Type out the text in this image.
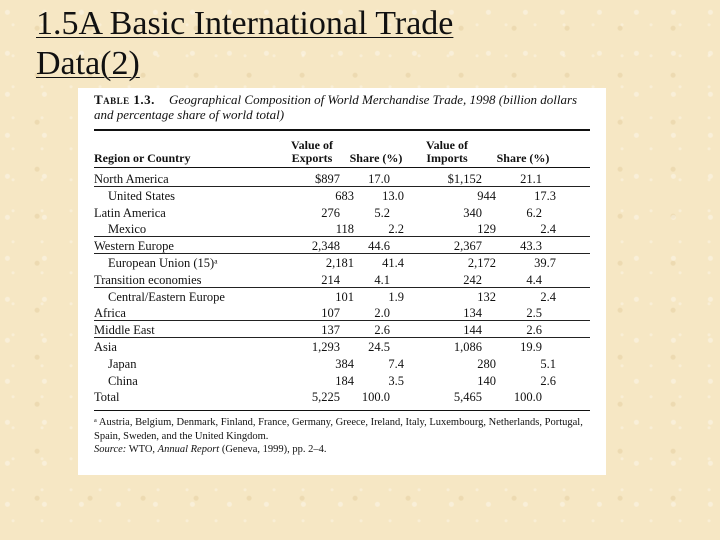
1.5A Basic International Trade
Data(2)
Table 1.3. Geographical Composition of World Merchandise Trade, 1998 (billion dollars and percentage share of world total)
Region or Country
Value of Exports	Share (%)
Value of Imports	Share (%)
North America	$897	17.0	$1,152	21.1
United States	683	13.0	944	17.3
Latin America	276	5.2	340	6.2
Mexico	118	2.2	129	2.4
Western Europe	2,348	44.6	2,367	43.3
European Union (15)ᵃ	2,181	41.4	2,172	39.7
Transition economies	214	4.1	242	4.4
Central/Eastern Europe	101	1.9	132	2.4
Africa	107	2.0	134	2.5
Middle East	137	2.6	144	2.6
Asia	1,293	24.5	1,086	19.9
Japan	384	7.4	280	5.1
China	184	3.5	140	2.6
Total	5,225	100.0	5,465	100.0
ᵃ Austria, Belgium, Denmark, Finland, France, Germany, Greece, Ireland, Italy, Luxembourg, Netherlands, Portugal, Spain, Sweden, and the United Kingdom.
Source: WTO, Annual Report (Geneva, 1999), pp. 2–4.
